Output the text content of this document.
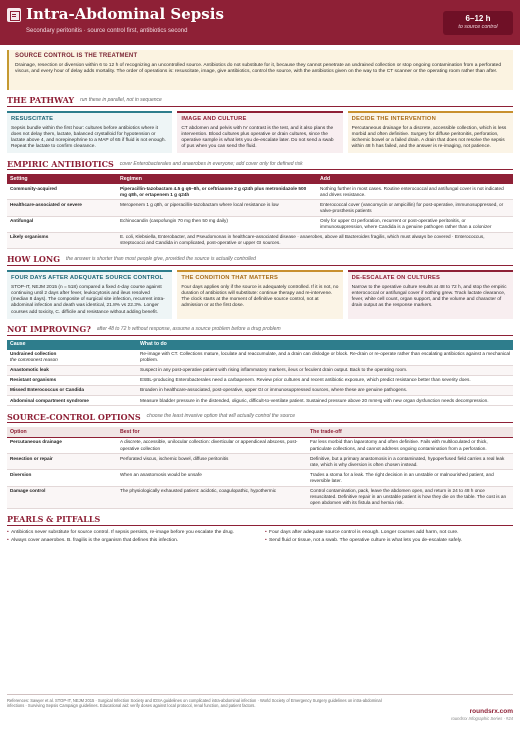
Intra-Abdominal Sepsis
Secondary peritonitis · source control first, antibiotics second
6–12 h
to source control
SOURCE CONTROL IS THE TREATMENT

Drainage, resection or diversion within 6 to 12 h of recognizing an uncontrolled source. Antibiotics do not substitute for it, because they cannot penetrate an undrained collection or stop ongoing contamination from a perforated viscus, and every hour of delay adds mortality. The order of operations is: resuscitate, image, give antibiotics, control the source, with the antibiotics given on the way to the CT scanner or the operating room rather than after.

THE PATHWAY run these in parallel, not in sequence
RESUSCITATE

Sepsis bundle within the first hour: cultures before antibiotics where it does not delay them, lactate, balanced crystalloid for hypotension or lactate above 4, and norepinephrine to a MAP of 65 if fluid is not enough. Repeat the lactate to confirm clearance.

IMAGE AND CULTURE

CT abdomen and pelvis with IV contrast is the test, and it also plans the intervention. Blood cultures plus operative or drain cultures, since the operative sample is what lets you de-escalate later. Do not send a swab of pus when you can send the fluid.

DECIDE THE INTERVENTION

Percutaneous drainage for a discrete, accessible collection, which is less morbid and often definitive. Surgery for diffuse peritonitis, perforation, ischemic bowel or a failed drain. A drain that does not resolve the sepsis within 48 h has failed, and the answer is re-imaging, not patience.

EMPIRIC ANTIBIOTICS cover Enterobacterales and anaerobes in everyone; add cover only for defined risk
Setting	Regimen	Add
Community-acquired	Piperacillin-tazobactam 4.5 g q6–8h, or ceftriaxone 2 g q24h plus metronidazole 500 mg q8h, or ertapenem 1 g q24h	Nothing further in most cases. Routine enterococcal and antifungal cover is not indicated and drives resistance.
Healthcare-associated or severe	Meropenem 1 g q8h, or piperacillin-tazobactam where local resistance is low	Enterococcal cover (vancomycin or ampicillin) for post-operative, immunosuppressed, or valve-prosthesis patients
Antifungal	Echinocandin (caspofungin 70 mg then 50 mg daily)	Only for upper GI perforation, recurrent or post-operative peritonitis, or immunosuppression, where Candida is a genuine pathogen rather than a colonizer
Likely organisms	E. coli, Klebsiella, Enterobacter, and Pseudomonas in healthcare-associated disease · anaerobes, above all Bacteroides fragilis, which must always be covered · Enterococcus, streptococci and Candida in complicated, post-operative or upper GI sources.	
HOW LONG the answer is shorter than most people give, provided the source is actually controlled
FOUR DAYS AFTER ADEQUATE SOURCE CONTROL

STOP-IT, NEJM 2015 (n = 518) compared a fixed 4-day course against continuing until 2 days after fever, leukocytosis and ileus resolved (median 8 days). The composite of surgical site infection, recurrent intra-abdominal infection and death was identical, 21.8% vs 22.3%. Longer courses add toxicity, C. difficile and resistance without adding benefit.

THE CONDITION THAT MATTERS

Four days applies only if the source is adequately controlled. If it is not, no duration of antibiotics will substitute: continue therapy and re-intervene. The clock starts at the moment of definitive source control, not at admission or at the first dose.

DE-ESCALATE ON CULTURES

Narrow to the operative culture results at 48 to 72 h, and stop the empiric enterococcal or antifungal cover if nothing grew. Track lactate clearance, fever, white cell count, organ support, and the volume and character of drain output as the response markers.

NOT IMPROVING? after 48 to 72 h without response, assume a source problem before a drug problem
Cause	What to do
Undrained collection
the commonest reason	Re-image with CT. Collections mature, loculate and reaccumulate, and a drain can dislodge or block. Re-drain or re-operate rather than escalating antibiotics against a mechanical problem.
Anastomotic leak	Suspect in any post-operative patient with rising inflammatory markers, ileus or feculent drain output. Back to the operating room.
Resistant organisms	ESBL-producing Enterobacterales need a carbapenem. Review prior cultures and recent antibiotic exposure, which predict resistance better than severity does.
Missed Enterococcus or Candida	Broaden in healthcare-associated, post-operative, upper GI or immunosuppressed sources, where these are genuine pathogens.
Abdominal compartment syndrome	Measure bladder pressure in the distended, oliguric, difficult-to-ventilate patient. Sustained pressure above 20 mmHg with new organ dysfunction needs decompression.
SOURCE-CONTROL OPTIONS choose the least invasive option that will actually control the source
Option	Best for	The trade-off
Percutaneous drainage	A discrete, accessible, unilocular collection: diverticular or appendiceal abscess, post-operative collection	Far less morbid than laparotomy and often definitive. Fails with multiloculated or thick, particulate collections, and cannot address ongoing contamination from a perforation.
Resection or repair	Perforated viscus, ischemic bowel, diffuse peritonitis	Definitive, but a primary anastomosis in a contaminated, hypoperfused field carries a real leak rate, which is why diversion is often chosen instead.
Diversion	When an anastomosis would be unsafe	Trades a stoma for a leak. The right decision in an unstable or malnourished patient, and reversible later.
Damage control	The physiologically exhausted patient: acidotic, coagulopathic, hypothermic	Control contamination, pack, leave the abdomen open, and return in 24 to 48 h once resuscitated. Definitive repair in an unstable patient is how they die on the table. The cost is an open abdomen with its fistula and hernia risk.
PEARLS & PITFALLS
• Antibiotics never substitute for source control. If sepsis persists, re-image before you escalate the drug.
• Always cover anaerobes. B. fragilis is the organism that defines this infection.
• Four days after adequate source control is enough. Longer courses add harm, not cure.
• Send fluid or tissue, not a swab. The operative culture is what lets you de-escalate safely.
References: Sawyer et al. STOP-IT, NEJM 2015 · Surgical Infection Society and IDSA guidelines on complicated intra-abdominal infection · World Society of Emergency Surgery guidelines on intra-abdominal infections · Surviving Sepsis Campaign guidelines. Educational aid: verify doses against local protocol, renal function, and patient factors.
roundsrx.com
roundsrx Infographic Series · #24
